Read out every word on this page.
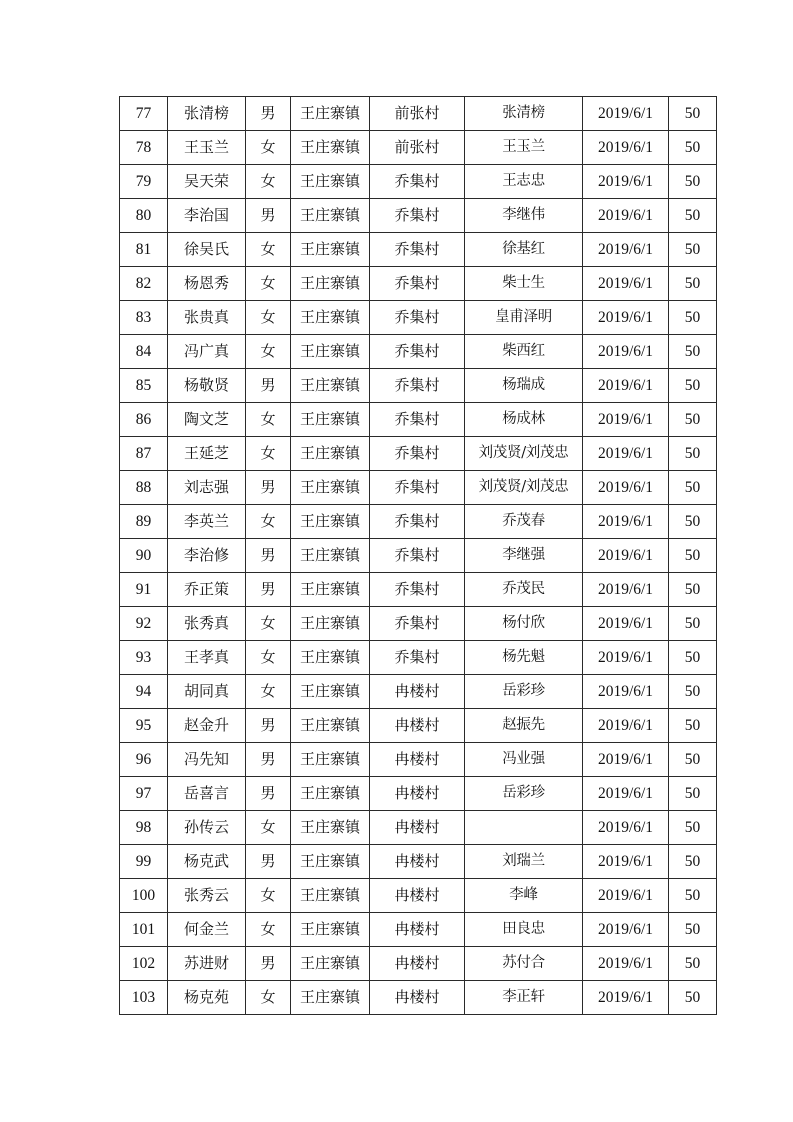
77	张清榜	男	王庄寨镇	前张村	张清榜	2019/6/1	50
78	王玉兰	女	王庄寨镇	前张村	王玉兰	2019/6/1	50
79	吴天荣	女	王庄寨镇	乔集村	王志忠	2019/6/1	50
80	李治国	男	王庄寨镇	乔集村	李继伟	2019/6/1	50
81	徐吴氏	女	王庄寨镇	乔集村	徐基红	2019/6/1	50
82	杨恩秀	女	王庄寨镇	乔集村	柴士生	2019/6/1	50
83	张贵真	女	王庄寨镇	乔集村	皇甫泽明	2019/6/1	50
84	冯广真	女	王庄寨镇	乔集村	柴西红	2019/6/1	50
85	杨敬贤	男	王庄寨镇	乔集村	杨瑞成	2019/6/1	50
86	陶文芝	女	王庄寨镇	乔集村	杨成林	2019/6/1	50
87	王延芝	女	王庄寨镇	乔集村	刘茂贤/刘茂忠	2019/6/1	50
88	刘志强	男	王庄寨镇	乔集村	刘茂贤/刘茂忠	2019/6/1	50
89	李英兰	女	王庄寨镇	乔集村	乔茂春	2019/6/1	50
90	李治修	男	王庄寨镇	乔集村	李继强	2019/6/1	50
91	乔正策	男	王庄寨镇	乔集村	乔茂民	2019/6/1	50
92	张秀真	女	王庄寨镇	乔集村	杨付欣	2019/6/1	50
93	王孝真	女	王庄寨镇	乔集村	杨先魁	2019/6/1	50
94	胡同真	女	王庄寨镇	冉楼村	岳彩珍	2019/6/1	50
95	赵金升	男	王庄寨镇	冉楼村	赵振先	2019/6/1	50
96	冯先知	男	王庄寨镇	冉楼村	冯业强	2019/6/1	50
97	岳喜言	男	王庄寨镇	冉楼村	岳彩珍	2019/6/1	50
98	孙传云	女	王庄寨镇	冉楼村		2019/6/1	50
99	杨克武	男	王庄寨镇	冉楼村	刘瑞兰	2019/6/1	50
100	张秀云	女	王庄寨镇	冉楼村	李峰	2019/6/1	50
101	何金兰	女	王庄寨镇	冉楼村	田良忠	2019/6/1	50
102	苏进财	男	王庄寨镇	冉楼村	苏付合	2019/6/1	50
103	杨克苑	女	王庄寨镇	冉楼村	李正轩	2019/6/1	50
